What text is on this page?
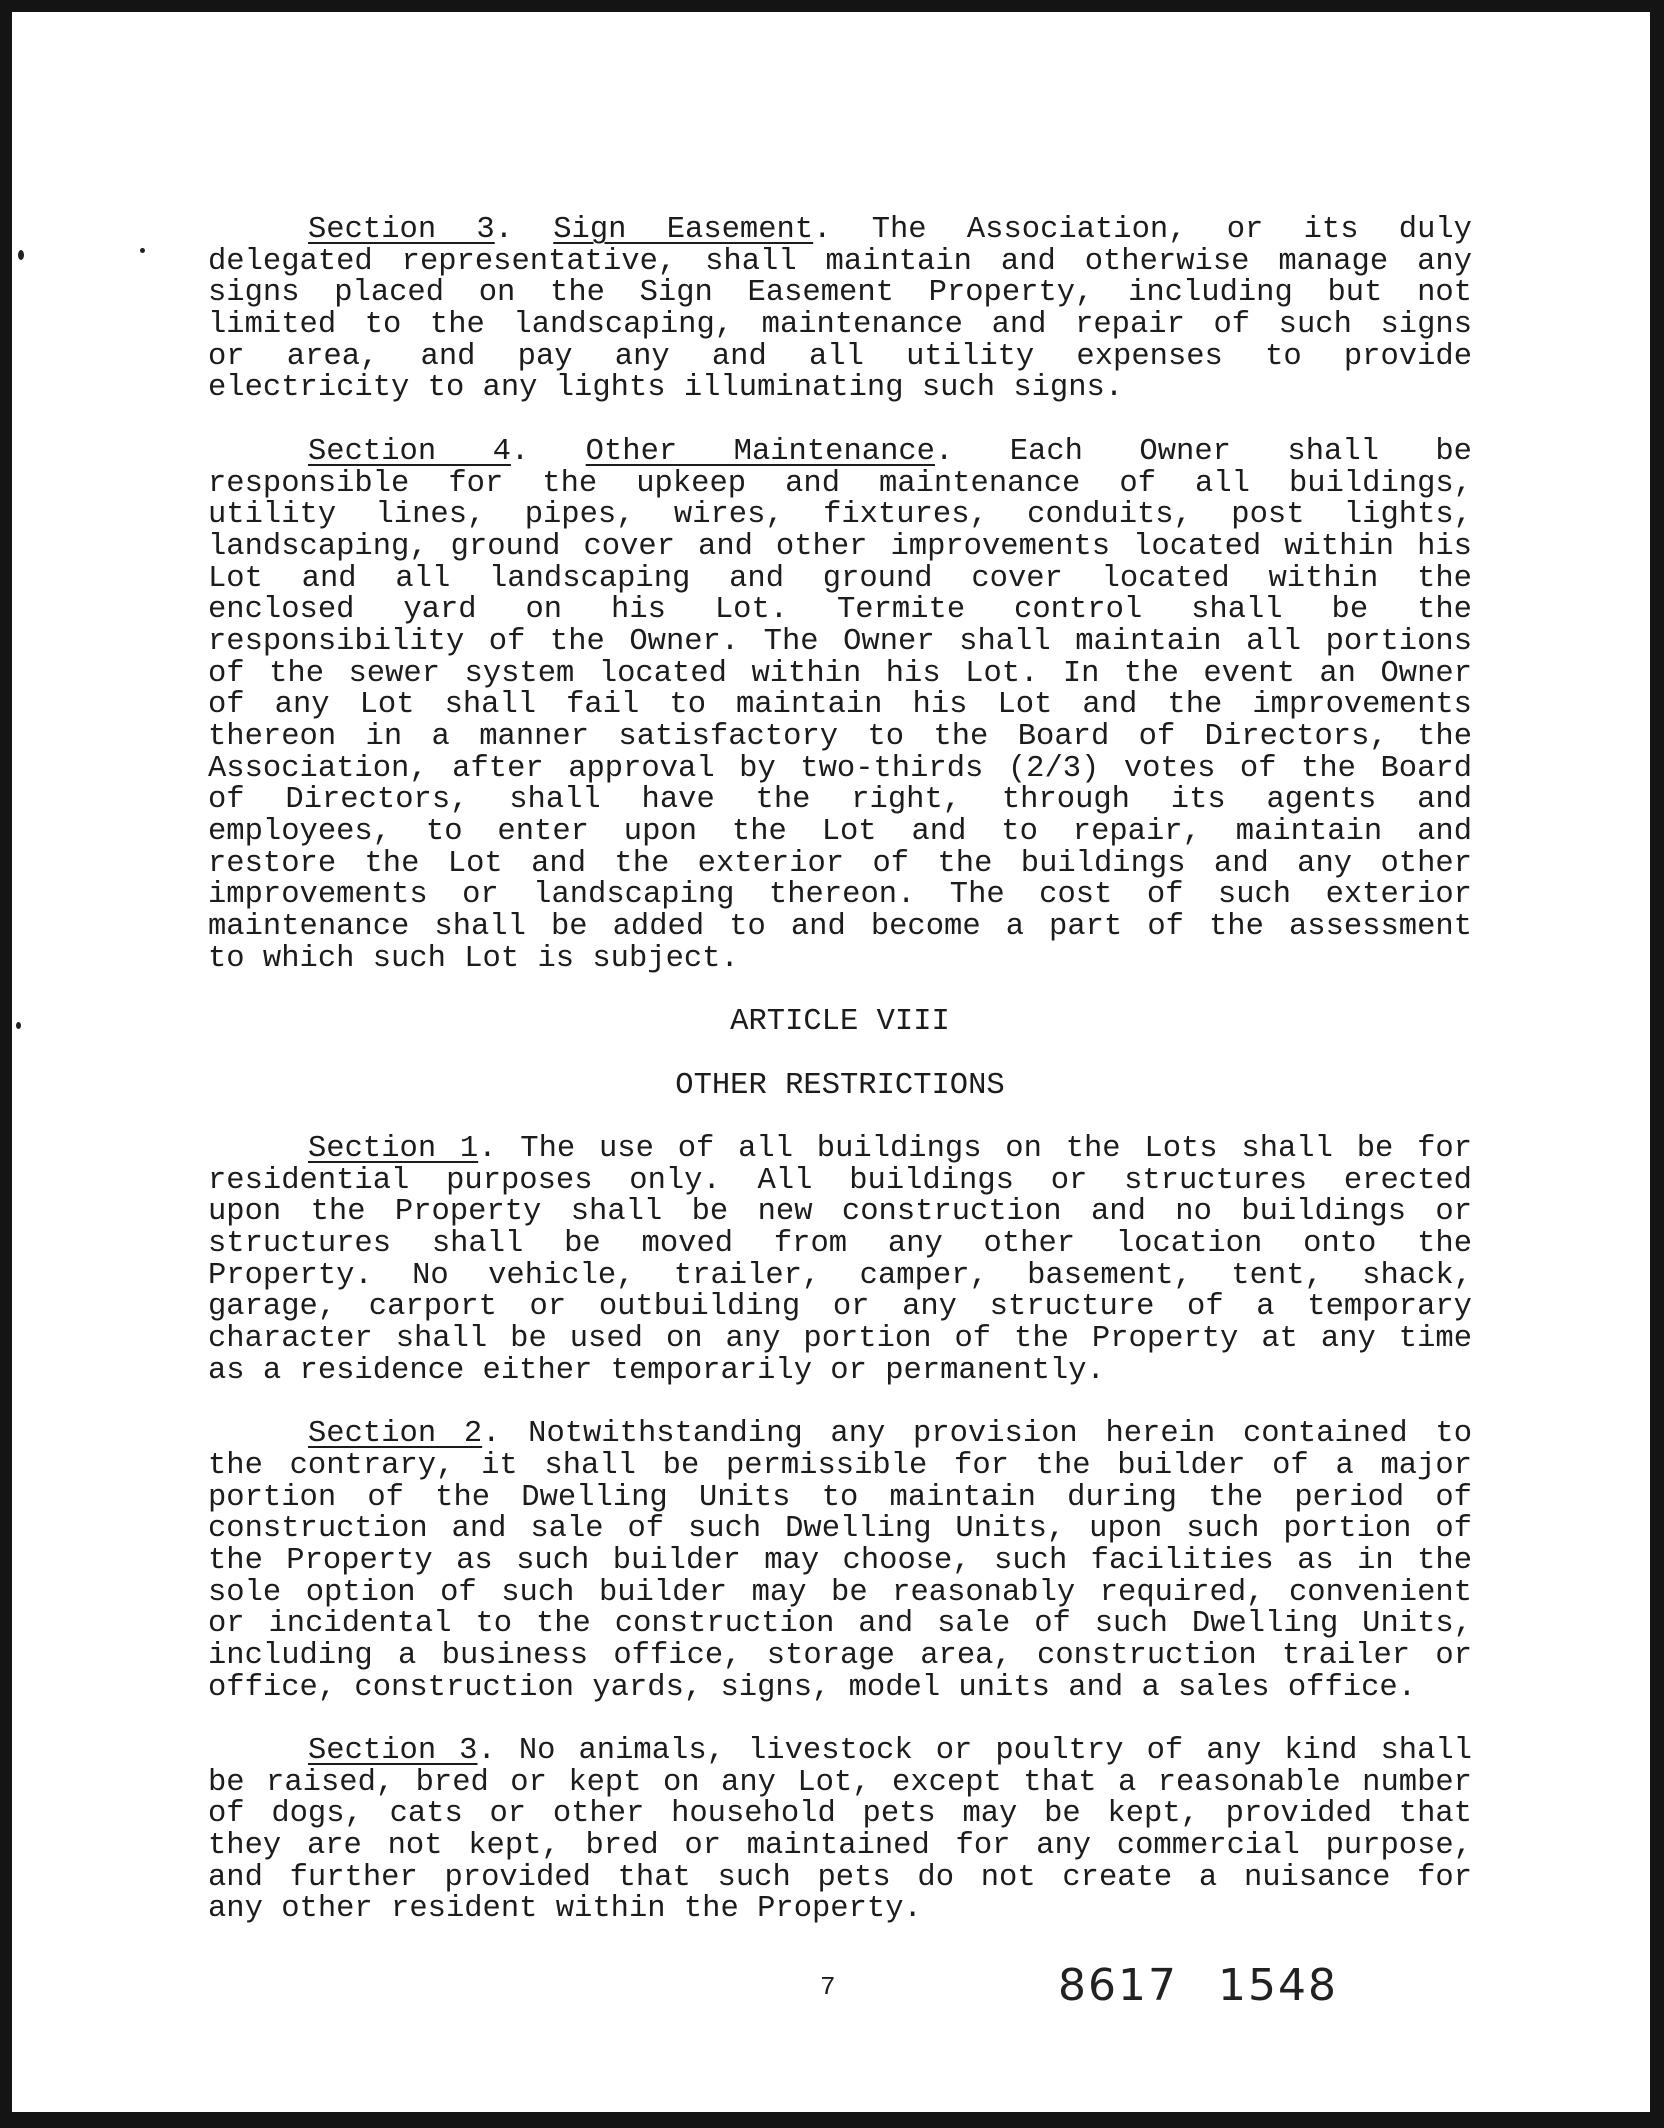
Section 3. Sign Easement. The Association, or its duly
delegated representative, shall maintain and otherwise manage any
signs placed on the Sign Easement Property, including but not
limited to the landscaping, maintenance and repair of such signs
or area, and pay any and all utility expenses to provide
electricity to any lights illuminating such signs.
Section 4. Other Maintenance. Each Owner shall be
responsible for the upkeep and maintenance of all buildings,
utility lines, pipes, wires, fixtures, conduits, post lights,
landscaping, ground cover and other improvements located within his
Lot and all landscaping and ground cover located within the
enclosed yard on his Lot. Termite control shall be the
responsibility of the Owner. The Owner shall maintain all portions
of the sewer system located within his Lot. In the event an Owner
of any Lot shall fail to maintain his Lot and the improvements
thereon in a manner satisfactory to the Board of Directors, the
Association, after approval by two-thirds (2/3) votes of the Board
of Directors, shall have the right, through its agents and
employees, to enter upon the Lot and to repair, maintain and
restore the Lot and the exterior of the buildings and any other
improvements or landscaping thereon. The cost of such exterior
maintenance shall be added to and become a part of the assessment
to which such Lot is subject.
ARTICLE VIII
OTHER RESTRICTIONS
Section 1. The use of all buildings on the Lots shall be for
residential purposes only. All buildings or structures erected
upon the Property shall be new construction and no buildings or
structures shall be moved from any other location onto the
Property. No vehicle, trailer, camper, basement, tent, shack,
garage, carport or outbuilding or any structure of a temporary
character shall be used on any portion of the Property at any time
as a residence either temporarily or permanently.
Section 2. Notwithstanding any provision herein contained to
the contrary, it shall be permissible for the builder of a major
portion of the Dwelling Units to maintain during the period of
construction and sale of such Dwelling Units, upon such portion of
the Property as such builder may choose, such facilities as in the
sole option of such builder may be reasonably required, convenient
or incidental to the construction and sale of such Dwelling Units,
including a business office, storage area, construction trailer or
office, construction yards, signs, model units and a sales office.
Section 3. No animals, livestock or poultry of any kind shall
be raised, bred or kept on any Lot, except that a reasonable number
of dogs, cats or other household pets may be kept, provided that
they are not kept, bred or maintained for any commercial purpose,
and further provided that such pets do not create a nuisance for
any other resident within the Property.
7	8617 1548
